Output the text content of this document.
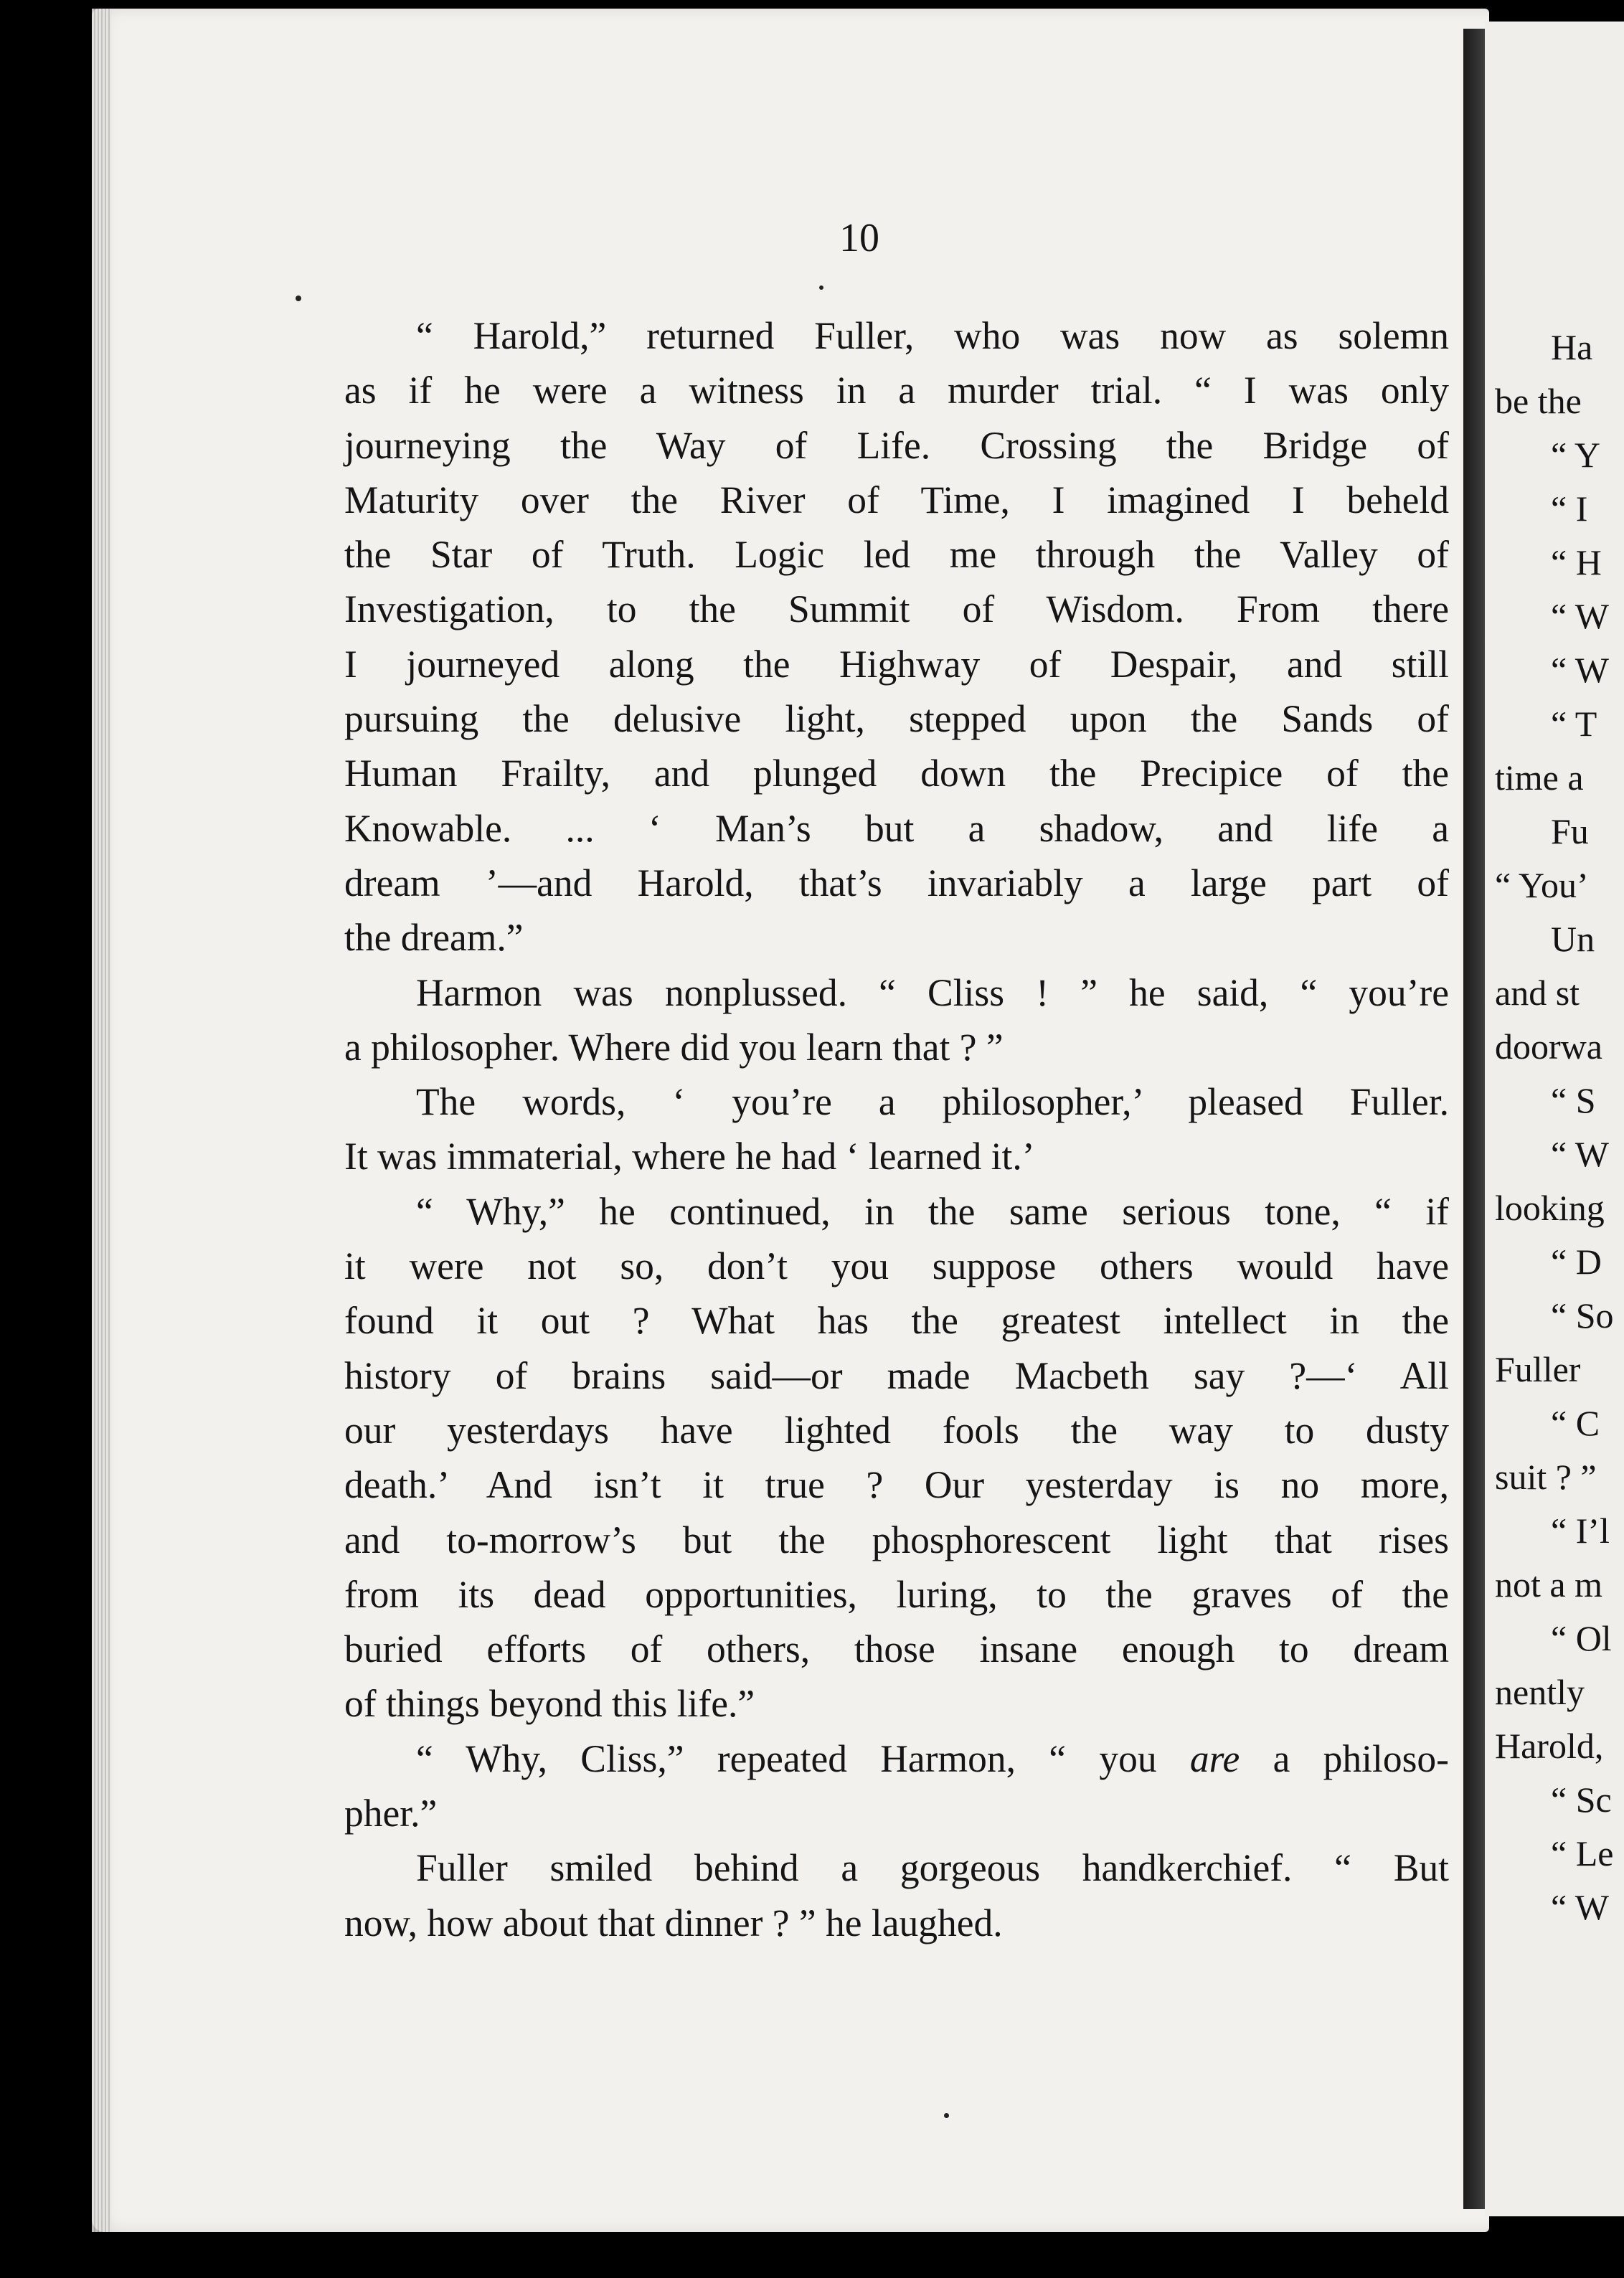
Ha
be the
“ Y
“ I
“ H
“ W
“ W
“ T
time a
Fu
“ You’
Un
and st
doorwa
“ S
“ W
looking
“ D
“ So
Fuller
“ C
suit ? ”
“ I’l
not a m
“ Ol
nently
Harold,
“ Sc
“ Le
“ W
10
“ Harold,” returned Fuller, who was now as solemn
as if he were a witness in a murder trial. “ I was only
journeying the Way of Life. Crossing the Bridge of
Maturity over the River of Time, I imagined I beheld
the Star of Truth. Logic led me through the Valley of
Investigation, to the Summit of Wisdom. From there
I journeyed along the Highway of Despair, and still
pursuing the delusive light, stepped upon the Sands of
Human Frailty, and plunged down the Precipice of the
Knowable. ... ‘ Man’s but a shadow, and life a
dream ’—and Harold, that’s invariably a large part of
the dream.”
Harmon was nonplussed. “ Cliss ! ” he said, “ you’re
a philosopher. Where did you learn that ? ”
The words, ‘ you’re a philosopher,’ pleased Fuller.
It was immaterial, where he had ‘ learned it.’
“ Why,” he continued, in the same serious tone, “ if
it were not so, don’t you suppose others would have
found it out ? What has the greatest intellect in the
history of brains said—or made Macbeth say ?—‘ All
our yesterdays have lighted fools the way to dusty
death.’ And isn’t it true ? Our yesterday is no more,
and to-morrow’s but the phosphorescent light that rises
from its dead opportunities, luring, to the graves of the
buried efforts of others, those insane enough to dream
of things beyond this life.”
“ Why, Cliss,” repeated Harmon, “ you are a philoso-
pher.”
Fuller smiled behind a gorgeous handkerchief. “ But
now, how about that dinner ? ” he laughed.
